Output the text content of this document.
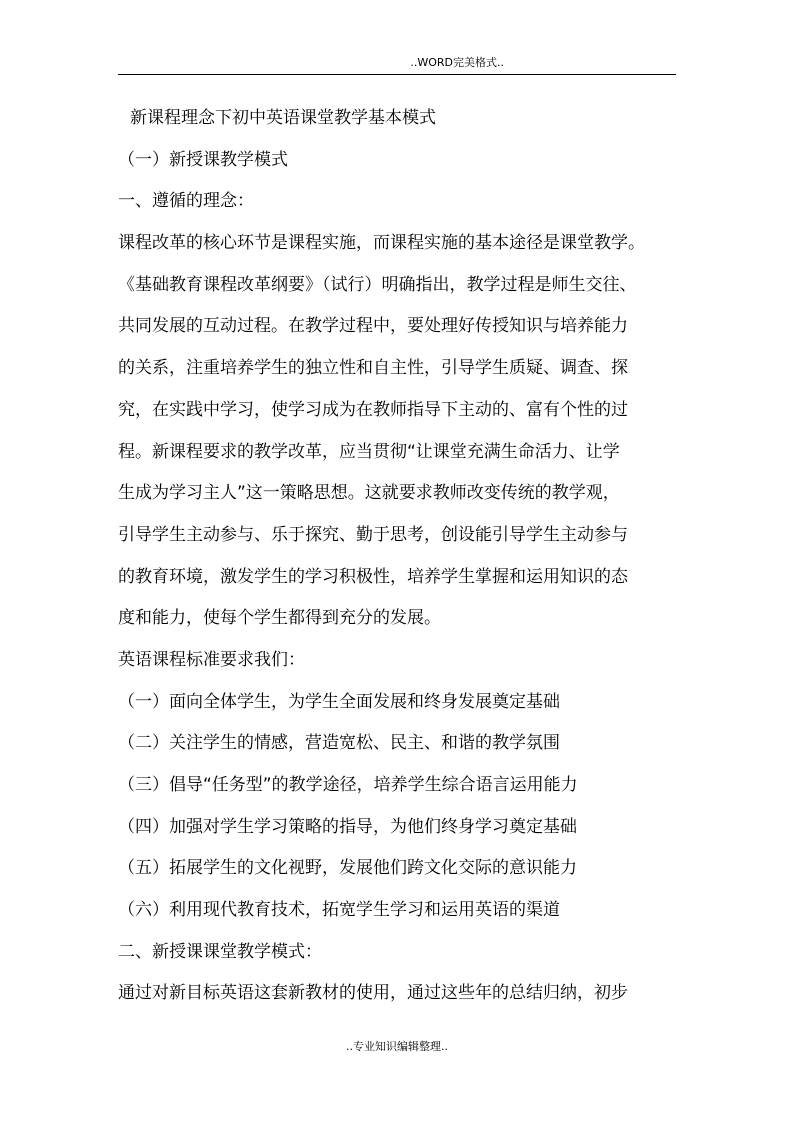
..WORD完美格式..
新课程理念下初中英语课堂教学基本模式
（一）新授课教学模式
一、遵循的理念：
课程改革的核心环节是课程实施，而课程实施的基本途径是课堂教学。
《基础教育课程改革纲要》（试行）明确指出，教学过程是师生交往、
共同发展的互动过程。在教学过程中，要处理好传授知识与培养能力
的关系，注重培养学生的独立性和自主性，引导学生质疑、调查、探
究，在实践中学习，使学习成为在教师指导下主动的、富有个性的过
程。新课程要求的教学改革，应当贯彻“让课堂充满生命活力、让学
生成为学习主人”这一策略思想。这就要求教师改变传统的教学观，
引导学生主动参与、乐于探究、勤于思考，创设能引导学生主动参与
的教育环境，激发学生的学习积极性，培养学生掌握和运用知识的态
度和能力，使每个学生都得到充分的发展。
英语课程标准要求我们：
（一）面向全体学生，为学生全面发展和终身发展奠定基础
（二）关注学生的情感，营造宽松、民主、和谐的教学氛围
（三）倡导“任务型”的教学途径，培养学生综合语言运用能力
（四）加强对学生学习策略的指导，为他们终身学习奠定基础
（五）拓展学生的文化视野，发展他们跨文化交际的意识能力
（六）利用现代教育技术，拓宽学生学习和运用英语的渠道
二、新授课课堂教学模式：
通过对新目标英语这套新教材的使用，通过这些年的总结归纳，初步
..专业知识编辑整理..
